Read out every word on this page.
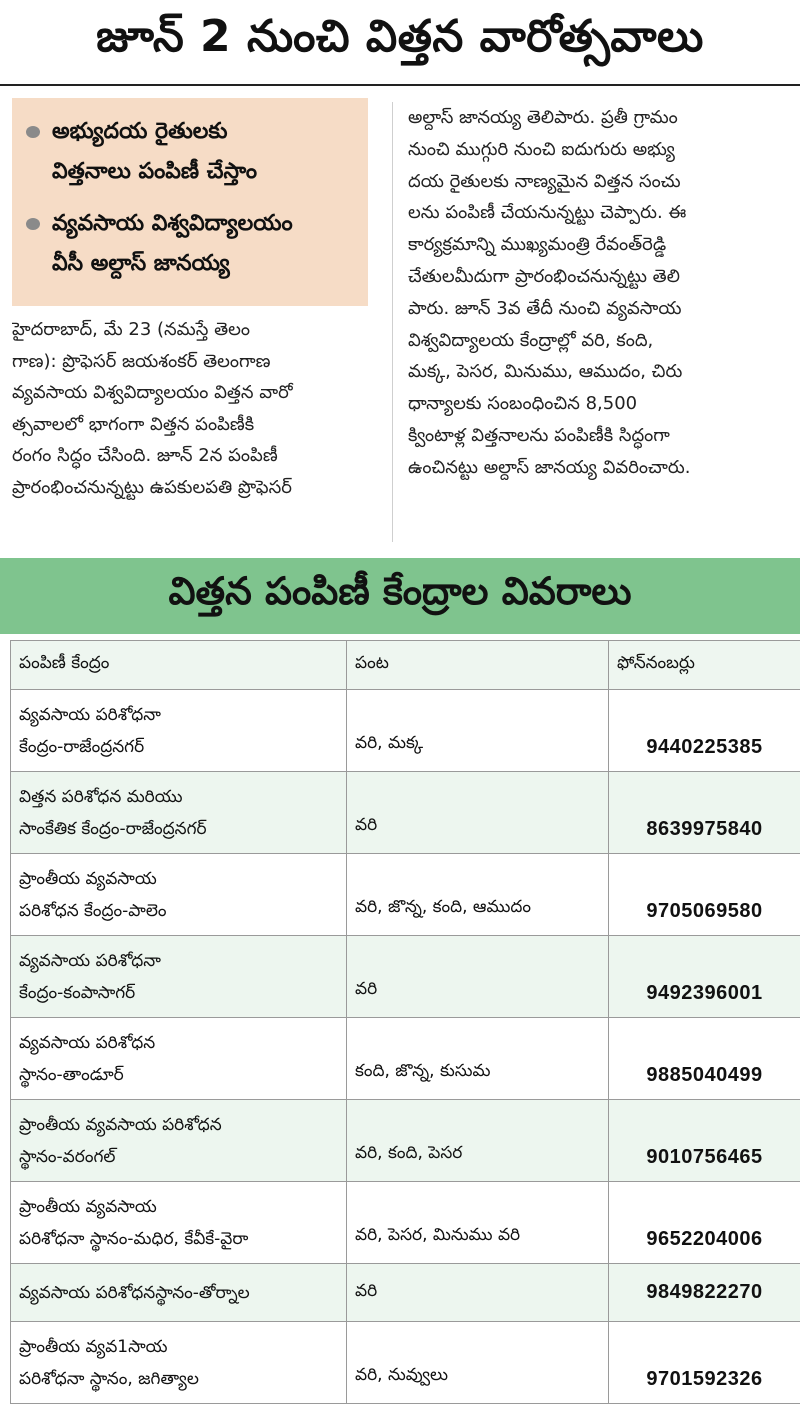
జూన్ 2 నుంచి విత్తన వారోత్సవాలు
అభ్యుదయ రైతులకు
విత్తనాలు పంపిణీ చేస్తాం
వ్యవసాయ విశ్వవిద్యాలయం
వీసీ అల్దాస్ జానయ్య
హైదరాబాద్, మే 23 (నమస్తే తెలం
గాణ): ప్రొఫెసర్ జయశంకర్ తెలంగాణ
వ్యవసాయ విశ్వవిద్యాలయం విత్తన వారో
త్సవాలలో భాగంగా విత్తన పంపిణీకి
రంగం సిద్ధం చేసింది. జూన్ 2న పంపిణీ
ప్రారంభించనున్నట్టు ఉపకులపతి ప్రొఫెసర్
అల్దాస్ జానయ్య తెలిపారు. ప్రతీ గ్రామం
నుంచి ముగ్గురి నుంచి ఐదుగురు అభ్యు
దయ రైతులకు నాణ్యమైన విత్తన సంచు
లను పంపిణీ చేయనున్నట్టు చెప్పారు. ఈ
కార్యక్రమాన్ని ముఖ్యమంత్రి రేవంత్‌రెడ్డి
చేతులమీదుగా ప్రారంభించనున్నట్టు తెలి
పారు. జూన్ 3వ తేదీ నుంచి వ్యవసాయ
విశ్వవిద్యాలయ కేంద్రాల్లో వరి, కంది,
మక్క, పెసర, మినుము, ఆముదం, చిరు
ధాన్యాలకు సంబంధించిన 8,500
క్వింటాళ్ల విత్తనాలను పంపిణీకి సిద్ధంగా
ఉంచినట్టు అల్దాస్ జానయ్య వివరించారు.
విత్తన పంపిణీ కేంద్రాల వివరాలు
పంపిణీ కేంద్రం	పంట	ఫోన్‌నంబర్లు

వ్యవసాయ పరిశోధనా
కేంద్రం-రాజేంద్రనగర్	వరి, మక్క	9440225385

విత్తన పరిశోధన మరియు
సాంకేతిక కేంద్రం-రాజేంద్రనగర్	వరి	8639975840

ప్రాంతీయ వ్యవసాయ
పరిశోధన కేంద్రం-పాలెం	వరి, జొన్న, కంది, ఆముదం	9705069580

వ్యవసాయ పరిశోధనా
కేంద్రం-కంపాసాగర్	వరి	9492396001

వ్యవసాయ పరిశోధన
స్థానం-తాండూర్	కంది, జొన్న, కుసుమ	9885040499

ప్రాంతీయ వ్యవసాయ పరిశోధన
స్థానం-వరంగల్	వరి, కంది, పెసర	9010756465

ప్రాంతీయ వ్యవసాయ
పరిశోధనా స్థానం-మధిర, కేవీకే-వైరా	వరి, పెసర, మినుము వరి	9652204006

వ్యవసాయ పరిశోధనస్థానం-తోర్నాల	వరి	9849822270

ప్రాంతీయ వ్యవ1సాయ
పరిశోధనా స్థానం, జగిత్యాల	వరి, నువ్వులు	9701592326
